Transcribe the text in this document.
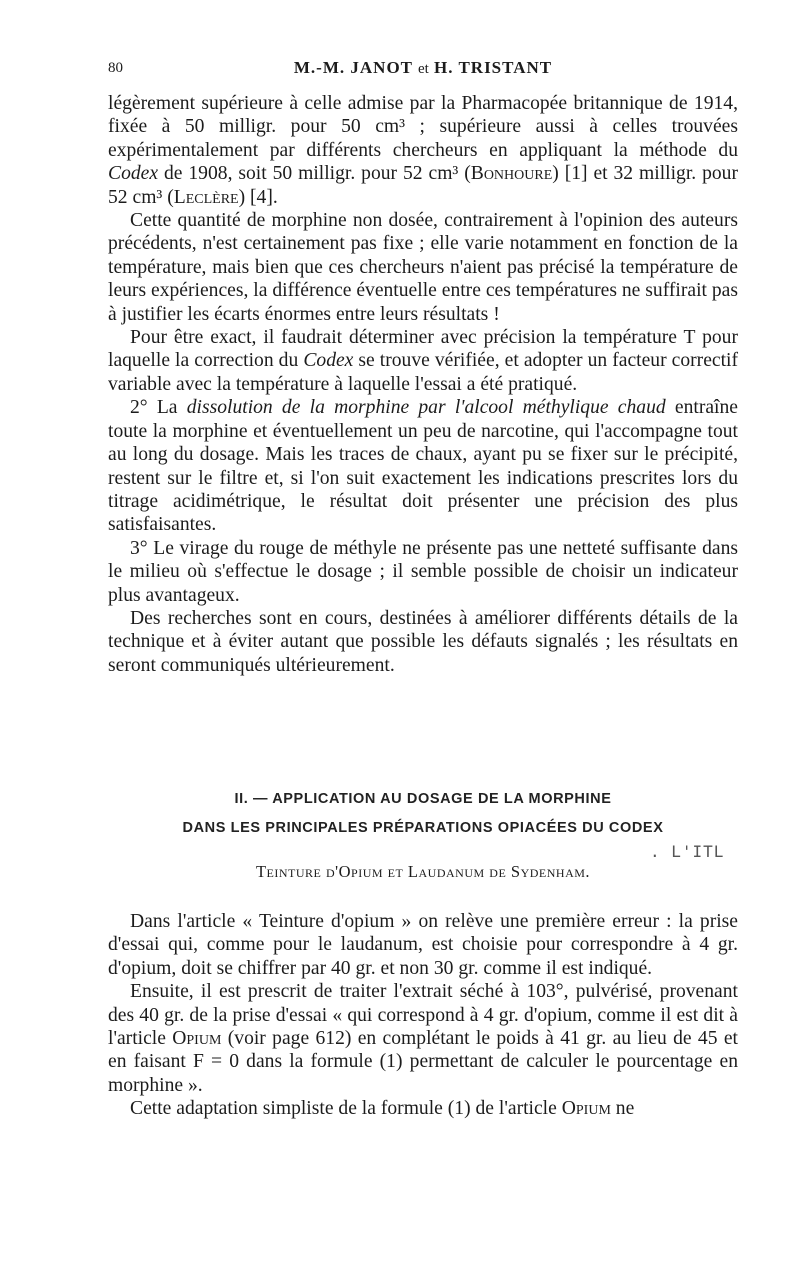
80	M.-M. JANOT et H. TRISTANT

légèrement supérieure à celle admise par la Pharmacopée britannique de 1914, fixée à 50 milligr. pour 50 cm³ ; supérieure aussi à celles trouvées expérimentalement par différents chercheurs en appliquant la méthode du Codex de 1908, soit 50 milligr. pour 52 cm³ (Bonhoure) [1] et 32 milligr. pour 52 cm³ (Leclère) [4].

Cette quantité de morphine non dosée, contrairement à l'opinion des auteurs précédents, n'est certainement pas fixe ; elle varie notamment en fonction de la température, mais bien que ces chercheurs n'aient pas précisé la température de leurs expériences, la différence éventuelle entre ces températures ne suffirait pas à justifier les écarts énormes entre leurs résultats !

Pour être exact, il faudrait déterminer avec précision la température T pour laquelle la correction du Codex se trouve vérifiée, et adopter un facteur correctif variable avec la température à laquelle l'essai a été pratiqué.

2° La dissolution de la morphine par l'alcool méthylique chaud entraîne toute la morphine et éventuellement un peu de narcotine, qui l'accompagne tout au long du dosage. Mais les traces de chaux, ayant pu se fixer sur le précipité, restent sur le filtre et, si l'on suit exactement les indications prescrites lors du titrage acidimétrique, le résultat doit présenter une précision des plus satisfaisantes.

3° Le virage du rouge de méthyle ne présente pas une netteté suffisante dans le milieu où s'effectue le dosage ; il semble possible de choisir un indicateur plus avantageux.

Des recherches sont en cours, destinées à améliorer différents détails de la technique et à éviter autant que possible les défauts signalés ; les résultats en seront communiqués ultérieurement.

II. — APPLICATION AU DOSAGE DE LA MORPHINE
DANS LES PRINCIPALES PRÉPARATIONS OPIACÉES DU CODEX
Teinture d'Opium et Laudanum de Sydenham.
. L'ITL

Dans l'article « Teinture d'opium » on relève une première erreur : la prise d'essai qui, comme pour le laudanum, est choisie pour correspondre à 4 gr. d'opium, doit se chiffrer par 40 gr. et non 30 gr. comme il est indiqué.

Ensuite, il est prescrit de traiter l'extrait séché à 103°, pulvérisé, provenant des 40 gr. de la prise d'essai « qui correspond à 4 gr. d'opium, comme il est dit à l'article Opium (voir page 612) en complétant le poids à 41 gr. au lieu de 45 et en faisant F = 0 dans la formule (1) permettant de calculer le pourcentage en morphine ».

Cette adaptation simpliste de la formule (1) de l'article Opium ne
